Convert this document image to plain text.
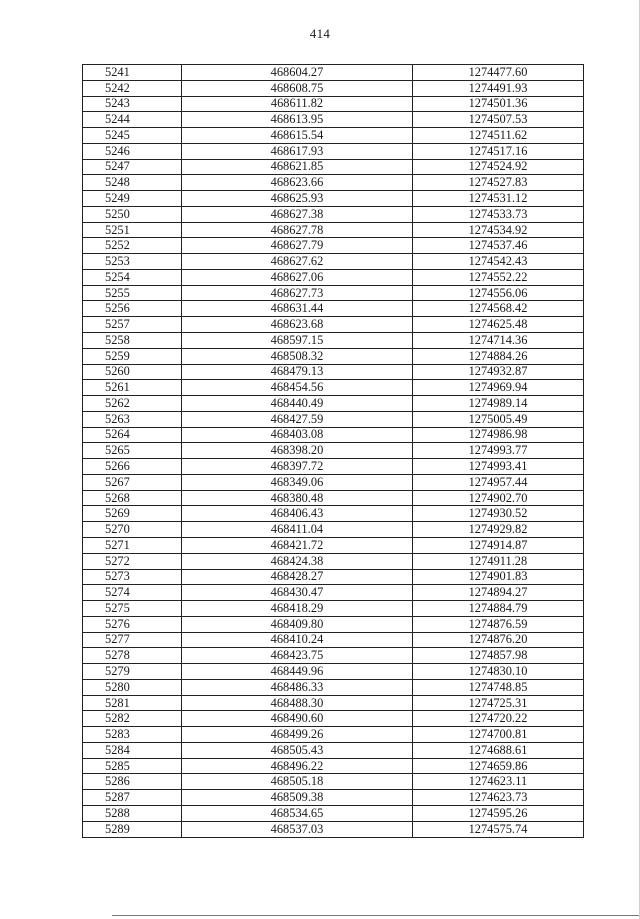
414
5241	468604.27	1274477.60
5242	468608.75	1274491.93
5243	468611.82	1274501.36
5244	468613.95	1274507.53
5245	468615.54	1274511.62
5246	468617.93	1274517.16
5247	468621.85	1274524.92
5248	468623.66	1274527.83
5249	468625.93	1274531.12
5250	468627.38	1274533.73
5251	468627.78	1274534.92
5252	468627.79	1274537.46
5253	468627.62	1274542.43
5254	468627.06	1274552.22
5255	468627.73	1274556.06
5256	468631.44	1274568.42
5257	468623.68	1274625.48
5258	468597.15	1274714.36
5259	468508.32	1274884.26
5260	468479.13	1274932.87
5261	468454.56	1274969.94
5262	468440.49	1274989.14
5263	468427.59	1275005.49
5264	468403.08	1274986.98
5265	468398.20	1274993.77
5266	468397.72	1274993.41
5267	468349.06	1274957.44
5268	468380.48	1274902.70
5269	468406.43	1274930.52
5270	468411.04	1274929.82
5271	468421.72	1274914.87
5272	468424.38	1274911.28
5273	468428.27	1274901.83
5274	468430.47	1274894.27
5275	468418.29	1274884.79
5276	468409.80	1274876.59
5277	468410.24	1274876.20
5278	468423.75	1274857.98
5279	468449.96	1274830.10
5280	468486.33	1274748.85
5281	468488.30	1274725.31
5282	468490.60	1274720.22
5283	468499.26	1274700.81
5284	468505.43	1274688.61
5285	468496.22	1274659.86
5286	468505.18	1274623.11
5287	468509.38	1274623.73
5288	468534.65	1274595.26
5289	468537.03	1274575.74
